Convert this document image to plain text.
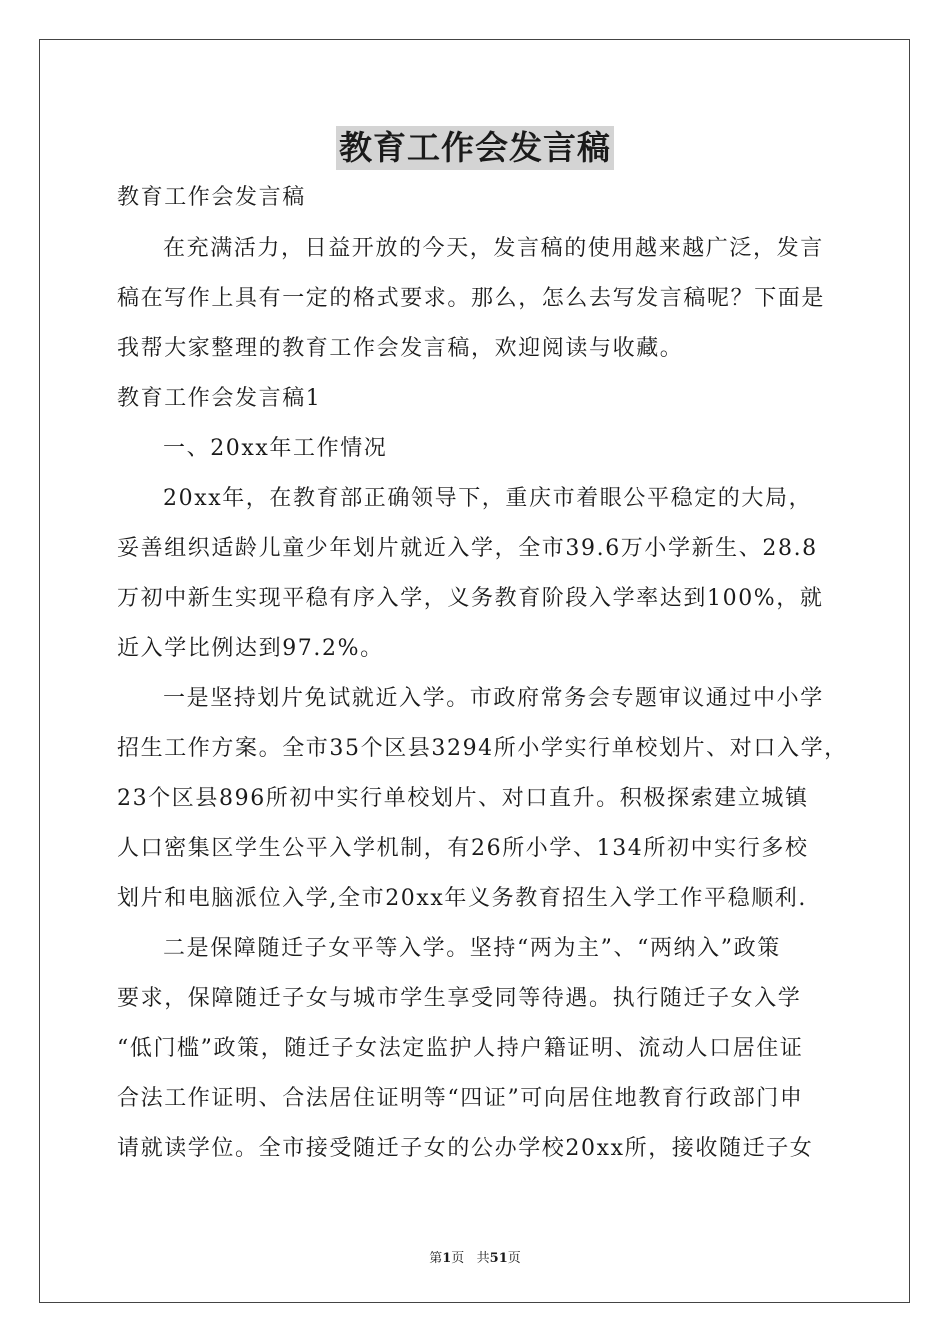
教育工作会发言稿
教育工作会发言稿
在充满活力，日益开放的今天，发言稿的使用越来越广泛，发言
稿在写作上具有一定的格式要求。那么，怎么去写发言稿呢？下面是
我帮大家整理的教育工作会发言稿，欢迎阅读与收藏。
教育工作会发言稿1
一、20xx年工作情况
20xx年，在教育部正确领导下，重庆市着眼公平稳定的大局，
妥善组织适龄儿童少年划片就近入学，全市39.6万小学新生、28.8
万初中新生实现平稳有序入学，义务教育阶段入学率达到100%，就
近入学比例达到97.2%。
一是坚持划片免试就近入学。市政府常务会专题审议通过中小学
招生工作方案。全市35个区县3294所小学实行单校划片、对口入学，
23个区县896所初中实行单校划片、对口直升。积极探索建立城镇
人口密集区学生公平入学机制，有26所小学、134所初中实行多校
划片和电脑派位入学,全市20xx年义务教育招生入学工作平稳顺利.
二是保障随迁子女平等入学。坚持“两为主”、“两纳入”政策
要求，保障随迁子女与城市学生享受同等待遇。执行随迁子女入学
“低门槛”政策，随迁子女法定监护人持户籍证明、流动人口居住证
合法工作证明、合法居住证明等“四证”可向居住地教育行政部门申
请就读学位。全市接受随迁子女的公办学校20xx所，接收随迁子女
第1页   共51页
